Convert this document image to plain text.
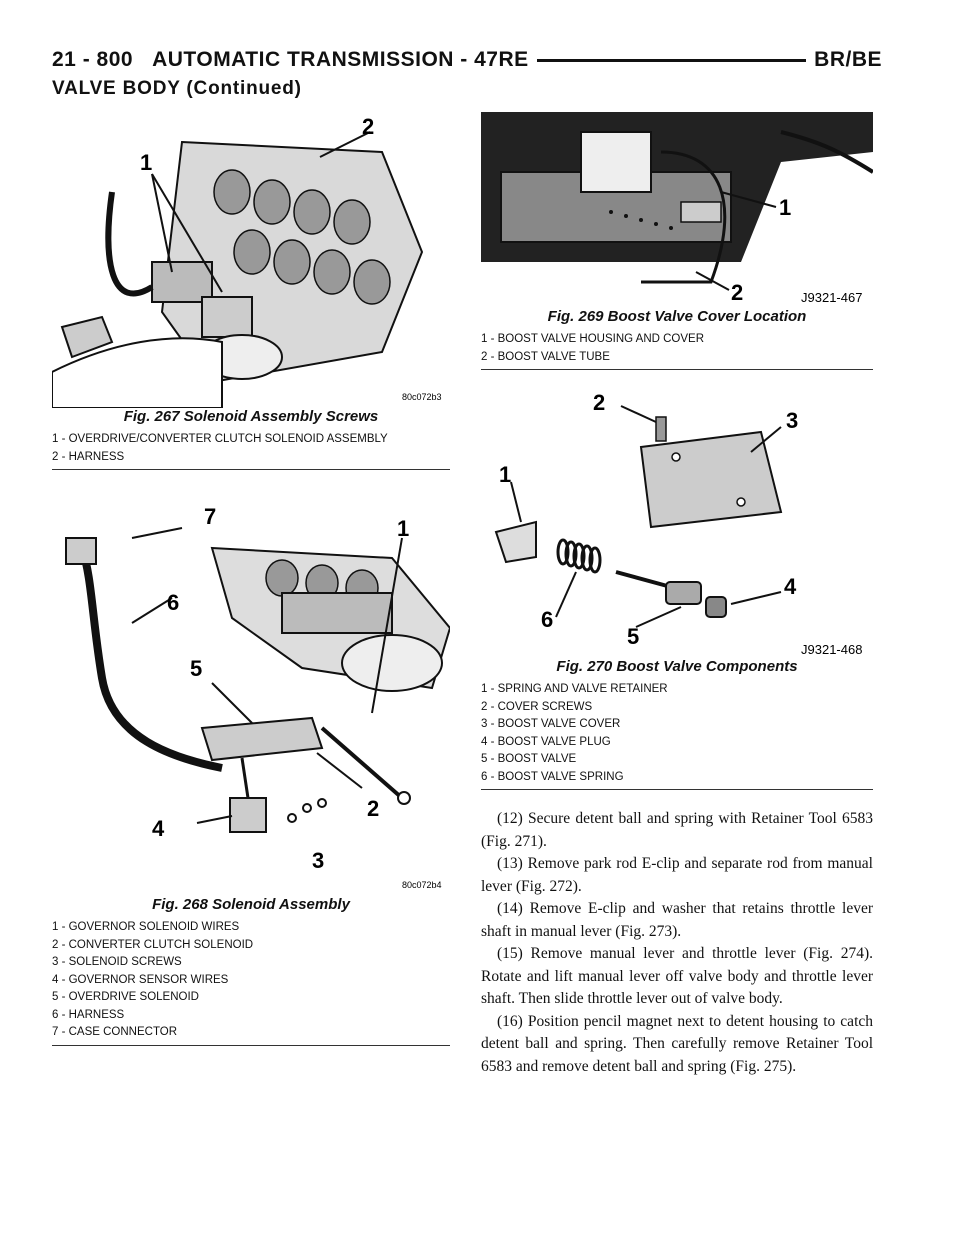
21 - 800 AUTOMATIC TRANSMISSION - 47RE	BR/BE
VALVE BODY (Continued)
1
2
80c072b3

Fig. 267 Solenoid Assembly Screws

1 - OVERDRIVE/CONVERTER CLUTCH SOLENOID ASSEMBLY
2 - HARNESS
1
2
3
4
5
6
7
80c072b4

Fig. 268 Solenoid Assembly

1 - GOVERNOR SOLENOID WIRES
2 - CONVERTER CLUTCH SOLENOID
3 - SOLENOID SCREWS
4 - GOVERNOR SENSOR WIRES
5 - OVERDRIVE SOLENOID
6 - HARNESS
7 - CASE CONNECTOR
1
2	J9321-467

Fig. 269 Boost Valve Cover Location

1 - BOOST VALVE HOUSING AND COVER
2 - BOOST VALVE TUBE
1
2
3
4
5
6
J9321-468

Fig. 270 Boost Valve Components

1 - SPRING AND VALVE RETAINER
2 - COVER SCREWS
3 - BOOST VALVE COVER
4 - BOOST VALVE PLUG
5 - BOOST VALVE
6 - BOOST VALVE SPRING

(12) Secure detent ball and spring with Retainer Tool 6583 (Fig. 271).

(13) Remove park rod E-clip and separate rod from manual lever (Fig. 272).

(14) Remove E-clip and washer that retains throttle lever shaft in manual lever (Fig. 273).

(15) Remove manual lever and throttle lever (Fig. 274). Rotate and lift manual lever off valve body and throttle lever shaft. Then slide throttle lever out of valve body.

(16) Position pencil magnet next to detent housing to catch detent ball and spring. Then carefully remove Retainer Tool 6583 and remove detent ball and spring (Fig. 275).
